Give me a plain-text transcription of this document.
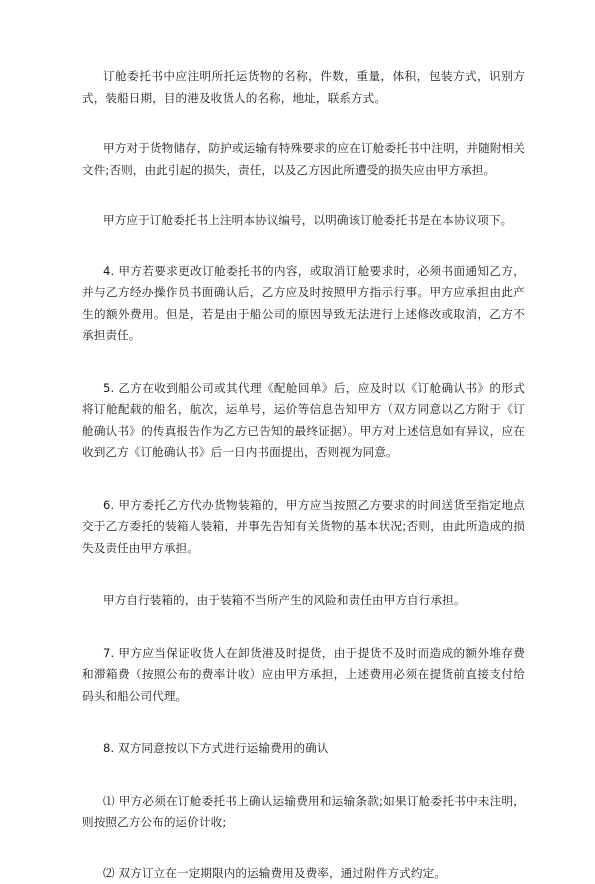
订舱委托书中应注明所托运货物的名称，件数，重量，体积，包装方式，识别方式，装船日期，目的港及收货人的名称，地址，联系方式。

甲方对于货物储存，防护或运输有特殊要求的应在订舱委托书中注明，并随附相关文件;否则，由此引起的损失，责任，以及乙方因此所遭受的损失应由甲方承担。

甲方应于订舱委托书上注明本协议编号，以明确该订舱委托书是在本协议项下。

4. 甲方若要求更改订舱委托书的内容，或取消订舱要求时，必须书面通知乙方，并与乙方经办操作员书面确认后，乙方应及时按照甲方指示行事。甲方应承担由此产生的额外费用。但是，若是由于船公司的原因导致无法进行上述修改或取消，乙方不承担责任。

5. 乙方在收到船公司或其代理《配舱回单》后，应及时以《订舱确认书》的形式将订舱配载的船名，航次，运单号，运价等信息告知甲方（双方同意以乙方附于《订舱确认书》的传真报告作为乙方已告知的最终证据）。甲方对上述信息如有异议，应在收到乙方《订舱确认书》后一日内书面提出，否则视为同意。

6. 甲方委托乙方代办货物装箱的，甲方应当按照乙方要求的时间送货至指定地点交于乙方委托的装箱人装箱，并事先告知有关货物的基本状况;否则，由此所造成的损失及责任由甲方承担。

甲方自行装箱的，由于装箱不当所产生的风险和责任由甲方自行承担。

7. 甲方应当保证收货人在卸货港及时提货，由于提货不及时而造成的额外堆存费和滞箱费（按照公布的费率计收）应由甲方承担，上述费用必须在提货前直接支付给码头和船公司代理。

8. 双方同意按以下方式进行运输费用的确认

⑴ 甲方必须在订舱委托书上确认运输费用和运输条款;如果订舱委托书中未注明，则按照乙方公布的运价计收;

⑵ 双方订立在一定期限内的运输费用及费率，通过附件方式约定。
